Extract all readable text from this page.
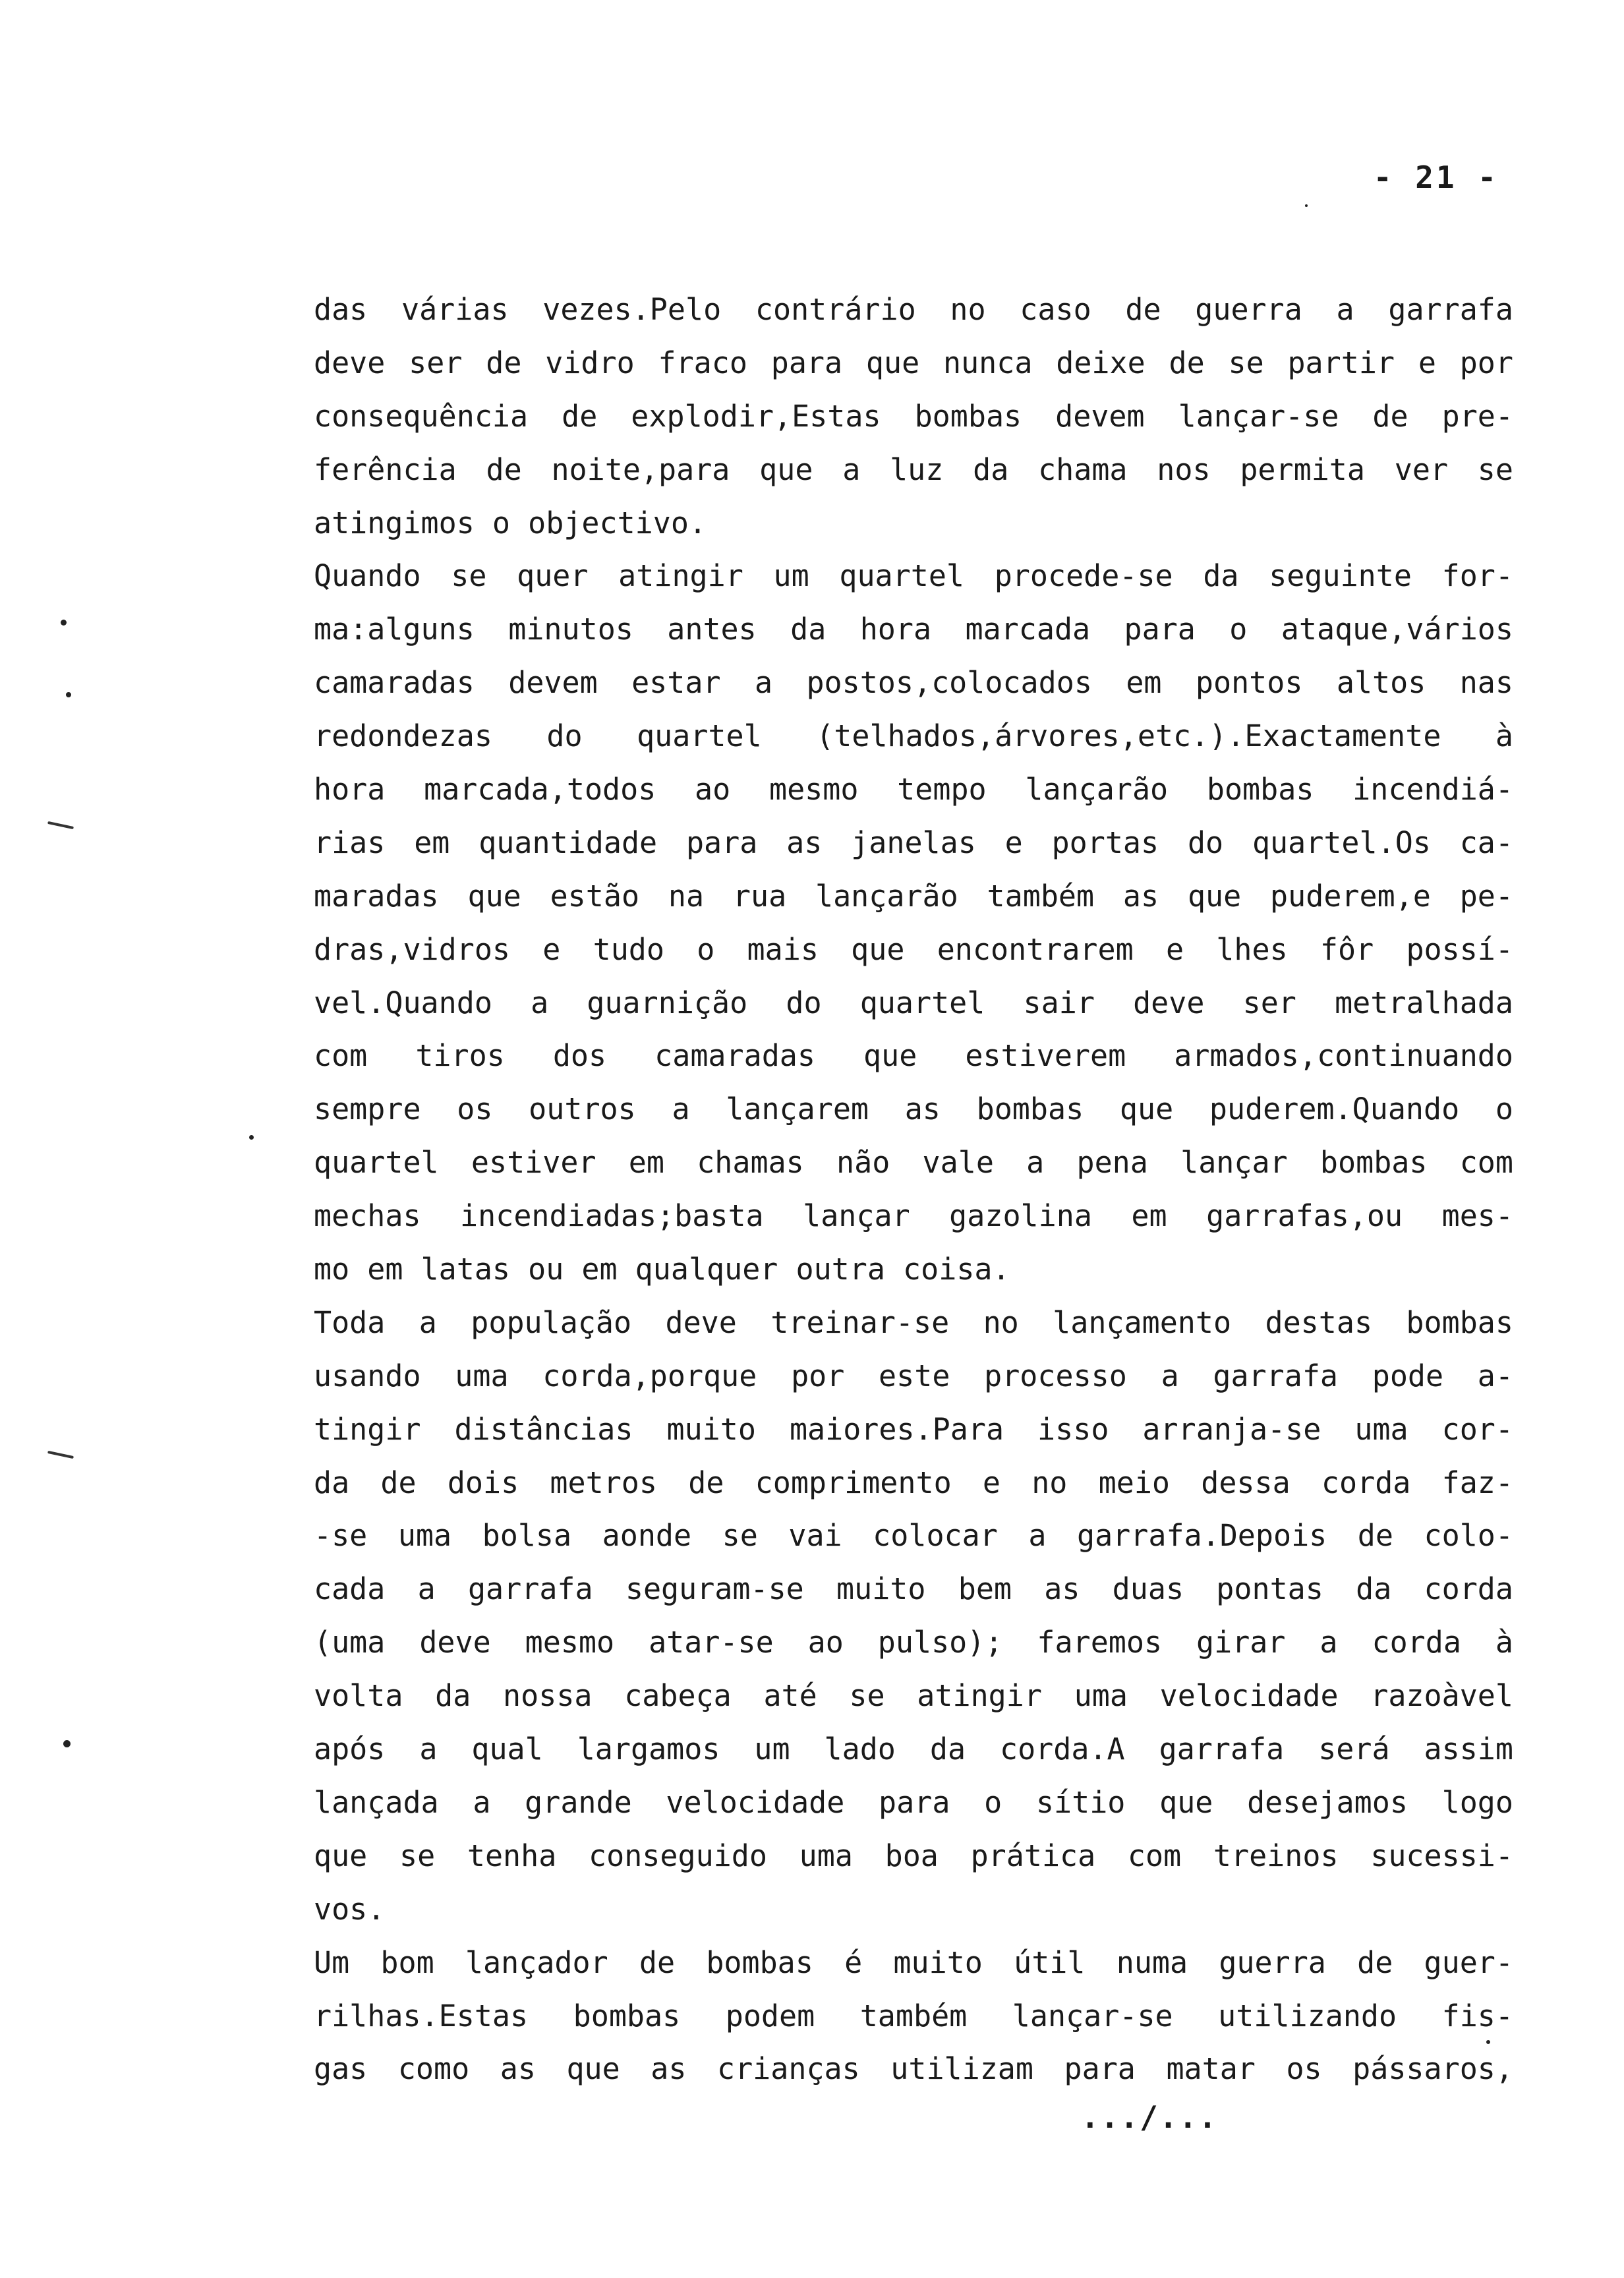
- 21 -
das várias vezes.Pelo contrário no caso de guerra a garrafa
deve ser de vidro fraco para que nunca deixe de se partir e por
consequência de explodir,Estas bombas devem lançar-se de pre-
ferência de noite,para que a luz da chama nos permita ver se
atingimos o objectivo.
Quando se quer atingir um quartel procede-se da seguinte for-
ma:alguns minutos antes da hora marcada para o ataque,vários
camaradas devem estar a postos,colocados em pontos altos nas
redondezas do quartel (telhados,árvores,etc.).Exactamente à
hora marcada,todos ao mesmo tempo lançarão bombas incendiá-
rias em quantidade para as janelas e portas do quartel.Os ca-
maradas que estão na rua lançarão também as que puderem,e pe-
dras,vidros e tudo o mais que encontrarem e lhes fôr possí-
vel.Quando a guarnição do quartel sair deve ser metralhada
com tiros dos camaradas que estiverem armados,continuando
sempre os outros a lançarem as bombas que puderem.Quando o
quartel estiver em chamas não vale a pena lançar bombas com
mechas incendiadas;basta lançar gazolina em garrafas,ou mes-
mo em latas ou em qualquer outra coisa.
Toda a população deve treinar-se no lançamento destas bombas
usando uma corda,porque por este processo a garrafa pode a-
tingir distâncias muito maiores.Para isso arranja-se uma cor-
da de dois metros de comprimento e no meio dessa corda faz-
-se uma bolsa aonde se vai colocar a garrafa.Depois de colo-
cada a garrafa seguram-se muito bem as duas pontas da corda
(uma deve mesmo atar-se ao pulso); faremos girar a corda à
volta da nossa cabeça até se atingir uma velocidade razoàvel
após a qual largamos um lado da corda.A garrafa será assim
lançada a grande velocidade para o sítio que desejamos logo
que se tenha conseguido uma boa prática com treinos sucessi-
vos.
Um bom lançador de bombas é muito útil numa guerra de guer-
rilhas.Estas bombas podem também lançar-se utilizando fis-
gas como as que as crianças utilizam para matar os pássaros,
.../...
